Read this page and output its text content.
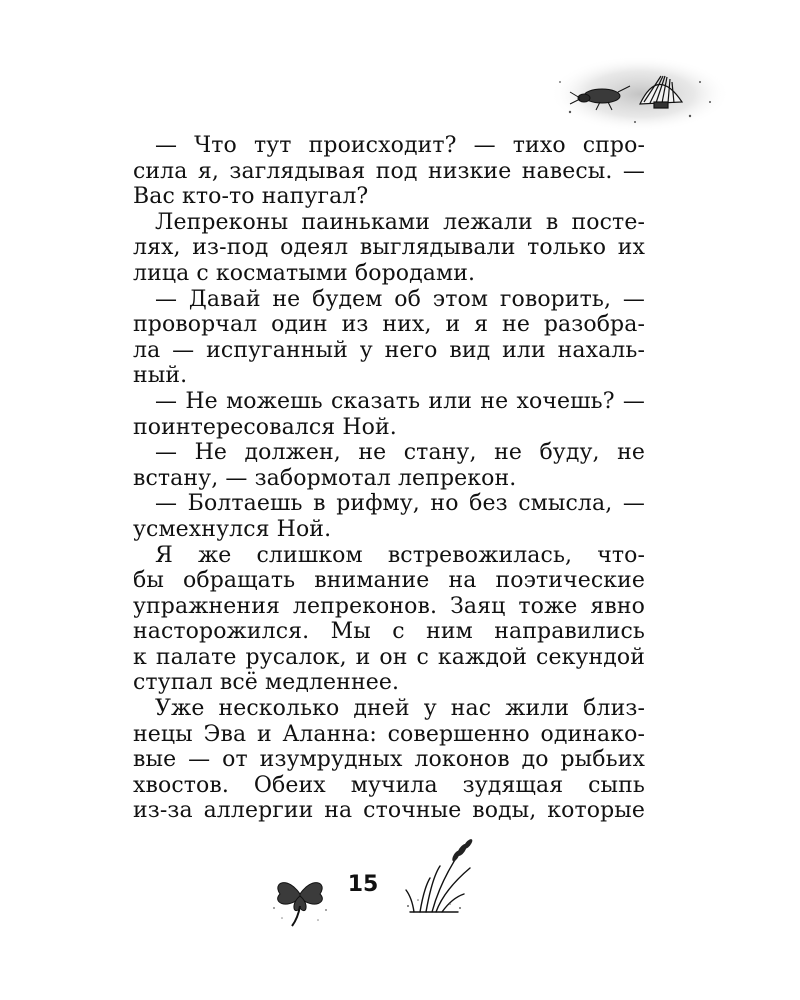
— Что тут происходит? — тихо спро-
сила я, заглядывая под низкие навесы. —
Вас кто-то напугал?
Лепреконы паиньками лежали в посте-
лях, из-под одеял выглядывали только их
лица с косматыми бородами.
— Давай не будем об этом говорить, —
проворчал один из них, и я не разобра-
ла — испуганный у него вид или нахаль-
ный.
— Не можешь сказать или не хочешь? —
поинтересовался Ной.
— Не должен, не стану, не буду, не
встану, — забормотал лепрекон.
— Болтаешь в рифму, но без смысла, —
усмехнулся Ной.
Я же слишком встревожилась, что-
бы обращать внимание на поэтические
упражнения лепреконов. Заяц тоже явно
насторожился. Мы с ним направились
к палате русалок, и он с каждой секундой
ступал всё медленнее.
Уже несколько дней у нас жили близ-
нецы Эва и Аланна: совершенно одинако-
вые — от изумрудных локонов до рыбьих
хвостов. Обеих мучила зудящая сыпь
из-за аллергии на сточные воды, которые
15
